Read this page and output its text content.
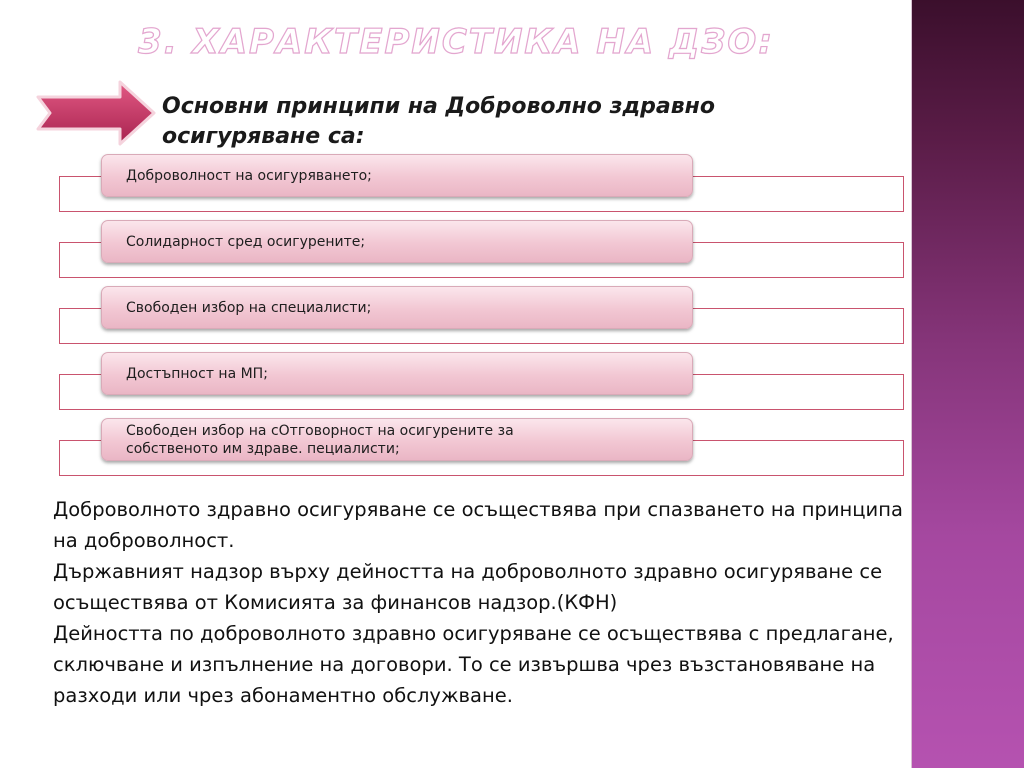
3. ХАРАКТЕРИСТИКА НА ДЗО:
Основни принципи на Доброволно здравно
осигуряване са:
Доброволност на осигуряването;
Солидарност сред осигурените;
Свободен избор на специалисти;
Достъпност на МП;
Свободен избор на сОтговорност на осигурените за
собственото им здраве. пециалисти;

Доброволното здравно осигуряване се осъществява при спазването на принципа на доброволност.

Държавният надзор върху дейността на доброволното здравно осигуряване се осъществява от Комисията за финансов надзор.(КФН)

Дейността по доброволното здравно осигуряване се осъществява с предлагане, сключване и изпълнение на договори. То се извършва чрез възстановяване на разходи или чрез абонаментно обслужване.
